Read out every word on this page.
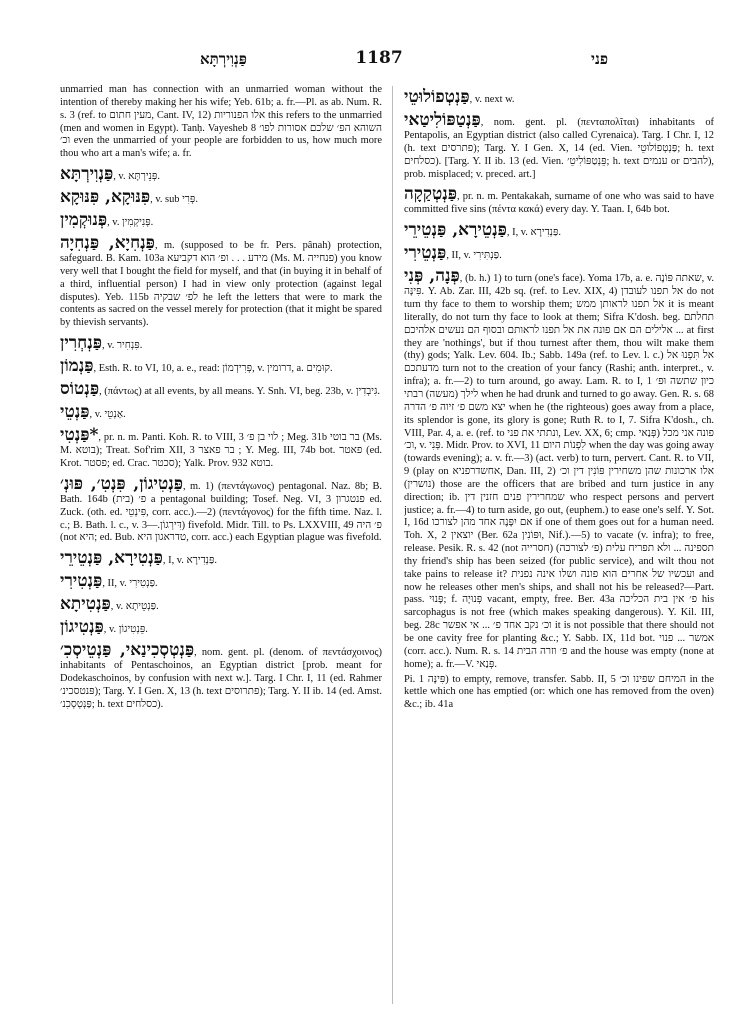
פַּנְוִירְתָּא	1187	פני

unmarried man has connection with an unmarried woman without the intention of thereby making her his wife; Yeb. 61b; a. fr.—Pl. as ab. Num. R. s. 3 (ref. to מעין חתום, Cant. IV, 12) אלו הפנוריות this refers to the unmarried (men and women in Egypt). Tanḥ. Vayesheb 8 השוהא הפ׳ שלכם אסורות לפו׳ וכ׳ even the unmarried of your people are forbidden to us, how much more thou who art a man's wife; a. fr.

פַּנְוִירְתָּא, v. פְּנֵירְתָּא.

פִּנּוּקָא, פִּנּוּקָא, v. sub פְּרִי.

פְּנוּקְמִין, v. פְּנִיקְמִין.

פַּנְחִיָא, פַּנְחִיָה, m. (supposed to be fr. Pers. pânah) protection, safeguard. B. Kam. 103a מידע . . . ופ׳ הוא דקביעא (Ms. M. פנחייה) you know very well that I bought the field for myself, and that (in buying it in behalf of a third, influential person) I had in view only protection (against legal disputes). Yeb. 115b לפ׳ שבקיה he left the letters that were to mark the contents as sacred on the vessel merely for protection (that it might be spared by thievish servants).

פַּנְחְרִין, v. פִּנְחִיר.

פַּנְמוֹן, Esth. R. to VI, 10, a. e., read: פְּרִידְמוֹן, v. דרומין, a. קוּמִים.

פַּנְטוֹס, (πάντως) at all events, by all means. Y. Snh. VI, beg. 23b, v. גִּיבְדִין.

פַּנְטֵי, v. אַנְטֵי.

*פַּנְטִי, pr. n. m. Panti. Koh. R. to VIII, 3 לוי בן פ׳ ; Meg. 31b בר בוטי (Ms. M. בוטא); Treat. Sof'rim XII, 3 בר פאצר ; Y. Meg. III, 74b bot. פאטר (ed. Krot. פסטר; ed. Crac. סכטר); Yalk. Prov. 932 בוטא.

פַּנְטִיגוֹן, פִּנְטִ׳, פּוּנְ׳, m. 1) (πεντάγωνος) pentagonal. Naz. 8b; B. Bath. 164b פ׳ (בית) a pentagonal building; Tosef. Neg. VI, 3 פנטגרון ed. Zuck. (oth. ed. פִּינְטֵי, corr. acc.).—2) (πεντάγονος) for the fifth time. Naz. l. c.; B. Bath. l. c., v. דִּירְגוֹן.—3) fivefold. Midr. Till. to Ps. LXXVIII, 49 פ׳ היה (not היא; ed. Bub. טדראגון היא, corr. acc.) each Egyptian plague was fivefold.

פַּנְטִירָא, פַּנְטֵירֵי, I, v. פַּנְדִירָא.

פַּנְטִירִי, II, v. פַּנְטִירִי.

פַּנְטִיתָא, v. פַּנְטֵיתָא.

פַּנְטִיגוֹן, v. פֵּנְטִיגוֹן.

פַּנְטְסְכִינַאי, פַּנְטֵיסְכִ׳, nom. gent. pl. (denom. of πεντάσχοινος) inhabitants of Pentaschoinos, an Egyptian district [prob. meant for Dodekaschoinos, by confusion with next w.]. Targ. I Chr. I, 11 (ed. Rahmer פּנטסכינ׳); Targ. Y. I Gen. X, 13 (h. text פתרוסים); Targ. Y. II ib. 14 (ed. Amst. פַּנְטְסְכִנ׳; h. text כסלחים).

פַּנְטְפוֹלוּטֵי, v. next w.

פַּנְטַפּוֹלִיטַאי, nom. gent. pl. (πενταπολῖται) inhabitants of Pentapolis, an Egyptian district (also called Cyrenaica). Targ. I Chr. I, 12 (h. text פתרסים); Targ. Y. I Gen. X, 14 (ed. Vien. פַּנְטְפוֹלוּטֵי; h. text כסלחים). [Targ. Y. II ib. 13 (ed. Vien. פֵּנְטַפּוֹלִיטֵ׳; h. text ענמים or להבים), prob. misplaced; v. preced. art.]

פַּנְטְקַקָה, pr. n. m. Pentakakah, surname of one who was said to have committed five sins (πέντα κακά) every day. Y. Taan. I, 64b bot.

פַּנְטֵירָא, פַּנְטֵירֵי, I, v. פַּנְדִירָא.

פַּנְטֵירִי, II, v. פַּנְתִּירִי.

פְּנָה, פְּנִי, (b. h.) 1) to turn (one's face). Yoma 17b, a. e. שאתה פּוֹנֶה, v. פִּינָּה. Y. Ab. Zar. III, 42b sq. (ref. to Lev. XIX, 4) אל תפנו לעובדן do not turn thy face to them to worship them; אל תפנו לראותן ממש it is meant literally, do not turn thy face to look at them; Sifra K'dosh. beg. תחלתם אלילים הם אם פונה את אל תפנו לראותם ובסוף הם נעשים אלהיכם ... at first they are 'nothings', but if thou turnest after them, thou wilt make them (thy) gods; Yalk. Lev. 604. Ib.; Sabb. 149a (ref. to Lev. l. c.) אל תִּפְנוּ אל מדעתכם turn not to the creation of your fancy (Rashi; anth. interpret., v. infra); a. fr.—2) to turn around, go away. Lam. R. to I, 1 כיון שתשה וּפ׳ לילך (מעשה) רבתי when he had drunk and turned to go away. Gen. R. s. 68 יצא משם פ׳ זיוה פ׳ הדרה when he (the righteous) goes away from a place, its splendor is gone, its glory is gone; Ruth R. to I, 7. Sifra K'dosh., ch. VIII, Par. 4, a. e. (ref. to ונתתי את פני, Lev. XX, 6; cmp. פְּנַאי) פונה אני מכל וכ׳, v. פְּנִי. Midr. Prov. to XVI, 11 לִפְנוֹת היום when the day was going away (towards evening); a. v. fr.—3) (act. verb) to turn, pervert. Cant. R. to VII, 9 (play on אחשדרפניא, Dan. III, 2) אלו ארכונות שהן משחירין פּוֹנִין דין וכ׳ (נושרין) those are the officers that are bribed and turn justice in any direction; ib. שמחרירין פנים חזנין דין who respect persons and pervert justice; a. fr.—4) to turn aside, go out, (euphem.) to ease one's self. Y. Sot. I, 16d אם יִפָּנֶה אחד מהן לצורכו if one of them goes out for a human need. Toh. X, 2 יוצאין (Ber. 62a וּפּוֹנִין, Nif.).—5) to vacate (v. infra); to free, release. Pesik. R. s. 42 (not חסרייה) תספינה ... ולא תפריח עלית (פ׳ לצורכה) thy friend's ship has been seized (for public service), and wilt thou not take pains to release it? ועכשיו של אחרים הוא פונה ושלו אינה נפנית and now he releases other men's ships, and shall not his be released?—Part. pass. פָּנוּי; f. פְּנוּיָה vacant, empty, free. Ber. 43a פ׳ אין בית הכליכה his sarcophagus is not free (which makes speaking dangerous). Y. Kil. III, beg. 28c וכ׳ נקב אחד פ׳ ... אי אפשר it is not possible that there should not be one cavity free for planting &c.; Y. Sabb. IX, 11d bot. אמשר ... פנוי (corr. acc.). Num. R. s. 14 פ׳ וזרה הבית and the house was empty (none at home); a. fr.—V. פְּנַאי.

Pi. פִּינָּה 1) to empty, remove, transfer. Sabb. II, 5 המיחם שפינו וכ׳ in the kettle which one has emptied (or: which one has removed from the oven) &c.; ib. 41a
